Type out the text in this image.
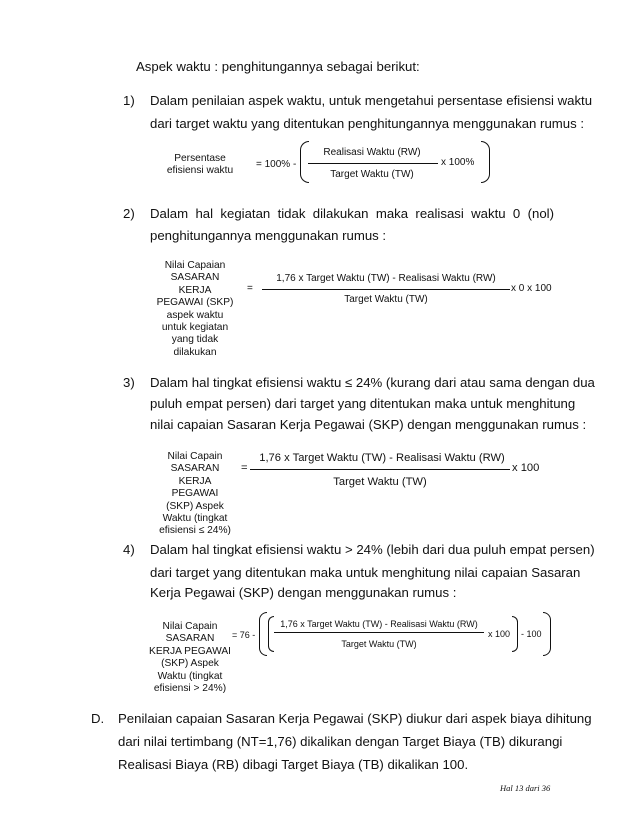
Aspek waktu : penghitungannya sebagai berikut:
1) Dalam penilaian aspek waktu, untuk mengetahui persentase efisiensi waktu
dari target waktu yang ditentukan penghitungannya menggunakan rumus :
Persentase
efisiensi waktu
= 100% -
Realisasi Waktu (RW)
Target Waktu (TW)
x 100%
2) Dalam hal kegiatan tidak dilakukan maka realisasi waktu 0 (nol)
penghitungannya menggunakan rumus :
Nilai Capaian
SASARAN
KERJA
PEGAWAI (SKP)
aspek waktu
untuk kegiatan
yang tidak
dilakukan
=
1,76 x Target Waktu (TW) - Realisasi Waktu (RW)
Target Waktu (TW)
x 0 x 100
3) Dalam hal tingkat efisiensi waktu ≤ 24% (kurang dari atau sama dengan dua
puluh empat persen) dari target yang ditentukan maka untuk menghitung
nilai capaian Sasaran Kerja Pegawai (SKP) dengan menggunakan rumus :
Nilai Capain
SASARAN
KERJA
PEGAWAI
(SKP) Aspek
Waktu (tingkat
efisiensi ≤ 24%)
=
1,76 x Target Waktu (TW) - Realisasi Waktu (RW)
Target Waktu (TW)
x 100
4) Dalam hal tingkat efisiensi waktu > 24% (lebih dari dua puluh empat persen)
dari target yang ditentukan maka untuk menghitung nilai capaian Sasaran
Kerja Pegawai (SKP) dengan menggunakan rumus :
Nilai Capain
SASARAN
KERJA PEGAWAI
(SKP) Aspek
Waktu (tingkat
efisiensi > 24%)
= 76 -
1,76 x Target Waktu (TW) - Realisasi Waktu (RW)
Target Waktu (TW)
x 100 - 100
D. Penilaian capaian Sasaran Kerja Pegawai (SKP) diukur dari aspek biaya dihitung
dari nilai tertimbang (NT=1,76) dikalikan dengan Target Biaya (TB) dikurangi
Realisasi Biaya (RB) dibagi Target Biaya (TB) dikalikan 100.
Hal 13 dari 36
